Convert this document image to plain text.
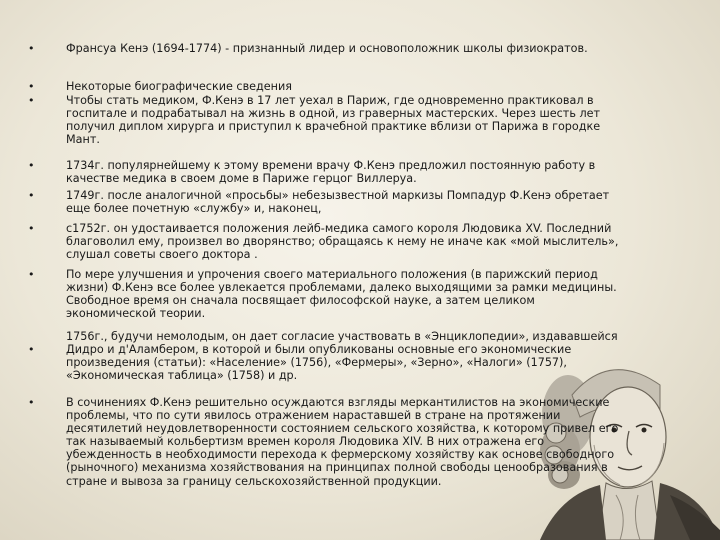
•
•
•
•
•
•
•
•
•
Франсуа Кенэ (1694-1774) - признанный лидер и основоположник школы физиократов.
Некоторые биографические сведения
Чтобы стать медиком, Ф.Кенэ в 17 лет уехал в Париж, где одновременно практиковал в
госпитале и подрабатывал на жизнь в одной, из граверных мастерских. Через шесть лет
получил диплом хирурга и приступил к врачебной практике вблизи от Парижа в городке
Мант.
1734г. популярнейшему к этому времени врачу Ф.Кенэ предложил постоянную работу в
качестве медика в своем доме в Париже герцог Виллеруа.
1749г. после аналогичной «просьбы» небезызвестной маркизы Помпадур Ф.Кенэ обретает
еще более почетную «службу» и, наконец,
с1752г. он удостаивается положения лейб-медика самого короля Людовика XV. Последний
благоволил ему, произвел во дворянство; обращаясь к нему не иначе как «мой мыслитель»,
слушал советы своего доктора .
По мере улучшения и упрочения своего материального положения (в парижский период
жизни) Ф.Кенэ все более увлекается проблемами, далеко выходящими за рамки медицины.
Свободное время он сначала посвящает философской науке, а затем целиком
экономической теории.
1756г., будучи немолодым, он дает согласие участвовать в «Энциклопедии», издававшейся
Дидро и д'Аламбером, в которой и были опубликованы основные его экономические
произведения (статьи): «Население» (1756), «Фермеры», «Зерно», «Налоги» (1757),
«Экономическая таблица» (1758) и др.
В сочинениях Ф.Кенэ решительно осуждаются взгляды меркантилистов на экономические
проблемы, что по сути явилось отражением нараставшей в стране на протяжении
десятилетий неудовлетворенности состоянием сельского хозяйства, к которому привел его
так называемый кольбертизм времен короля Людовика XIV. В них отражена его
убежденность в необходимости перехода к фермерскому хозяйству как основе свободного
(рыночного) механизма хозяйствования на принципах полной свободы ценообразования в
стране и вывоза за границу сельскохозяйственной продукции.
